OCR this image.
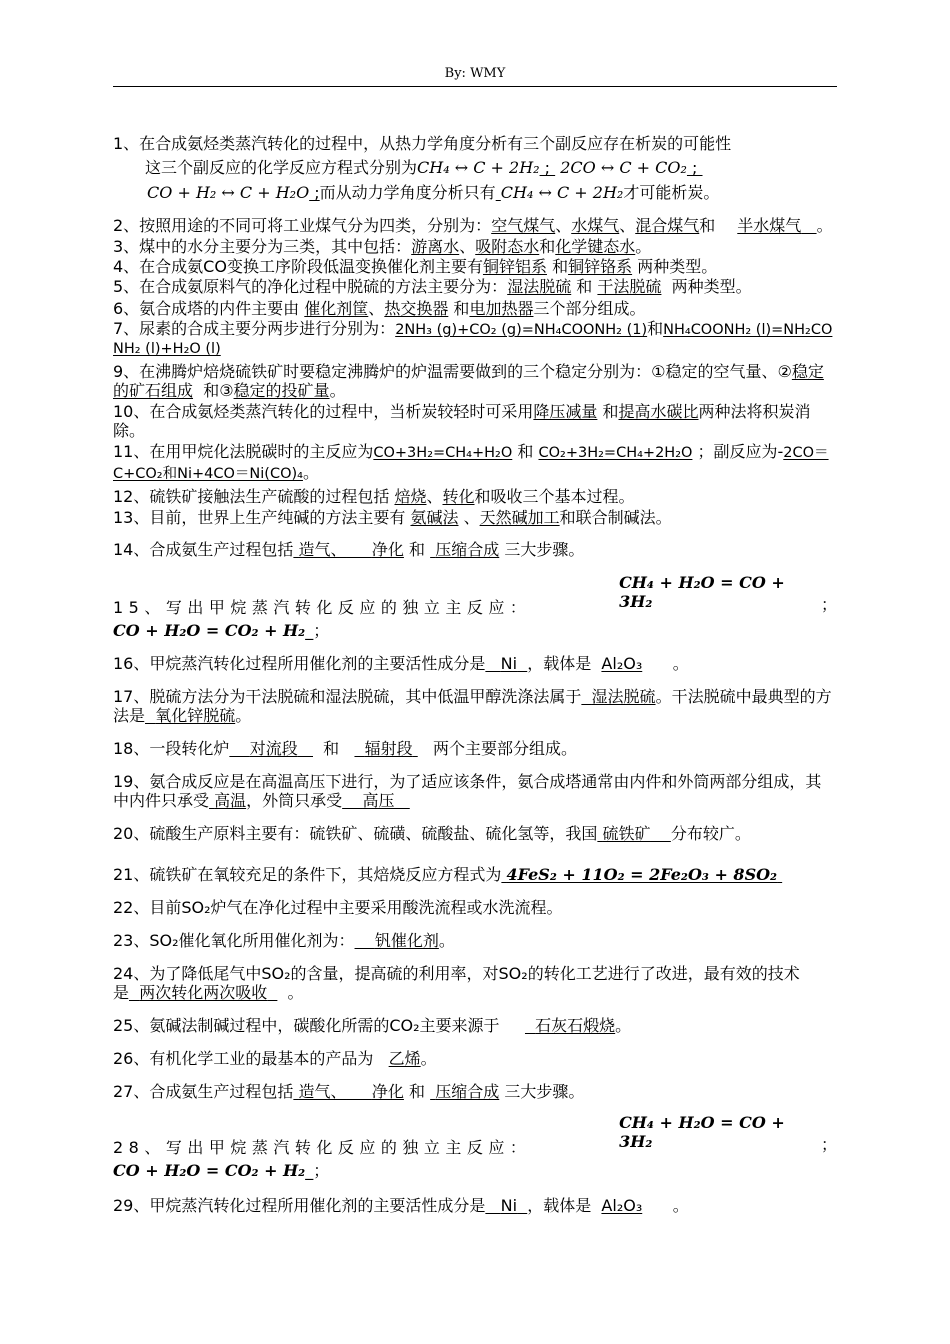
By: WMY

1、在合成氨烃类蒸汽转化的过程中，从热力学角度分析有三个副反应存在析炭的可能性

这三个副反应的化学反应方程式分别为CH₄ ↔ C + 2H₂ ;  2CO ↔ C + CO₂ ;

CO + H₂ ↔ C + H₂O ;而从动力学角度分析只有 CH₄ ↔ C + 2H₂才可能析炭。

2、按照用途的不同可将工业煤气分为四类，分别为：空气煤气、水煤气、混合煤气和 半水煤气 。

3、煤中的水分主要分为三类，其中包括：游离水、吸附态水和化学键态水。

4、在合成氨CO变换工序阶段低温变换催化剂主要有铜锌铝系 和铜锌铬系 两种类型。

5、在合成氨原料气的净化过程中脱硫的方法主要分为：湿法脱硫 和 干法脱硫 两种类型。

6、氨合成塔的内件主要由 催化剂筐、热交换器 和电加热器三个部分组成。

7、尿素的合成主要分两步进行分别为：2NH₃ (g)+CO₂ (g)=NH₄COONH₂ (1)和NH₄COONH₂ (l)=NH₂CONH₂ (l)+H₂O (l)

9、在沸腾炉焙烧硫铁矿时要稳定沸腾炉的炉温需要做到的三个稳定分别为：①稳定的空气量、②稳定的矿石组成 和③稳定的投矿量。

10、在合成氨烃类蒸汽转化的过程中，当析炭较轻时可采用降压减量 和提高水碳比两种法将积炭消除。

11、在用甲烷化法脱碳时的主反应为CO+3H₂=CH₄+H₂O 和 CO₂+3H₂=CH₄+2H₂O ；副反应为-2CO＝C+CO₂和Ni+4CO＝Ni(CO)₄。

12、硫铁矿接触法生产硫酸的过程包括 焙烧、转化和吸收三个基本过程。

13、目前，世界上生产纯碱的方法主要有 氨碱法 、天然碱加工和联合制碱法。

14、合成氨生产过程包括 造气、 净化 和 压缩合成 三大步骤。

15、写出甲烷蒸汽转化反应的独立主反应：

CH₄ + H₂O = CO + 3H₂	；

CO + H₂O = CO₂ + H₂_；

16、甲烷蒸汽转化过程所用催化剂的主要活性成分是 Ni ，载体是 Al₂O₃ 。

17、脱硫方法分为干法脱硫和湿法脱硫，其中低温甲醇洗涤法属于 湿法脱硫。干法脱硫中最典型的方法是 氧化锌脱硫。

18、一段转化炉 对流段 和 辐射段 两个主要部分组成。

19、氨合成反应是在高温高压下进行，为了适应该条件，氨合成塔通常由内件和外筒两部分组成，其中内件只承受 高温，外筒只承受 高压

20、硫酸生产原料主要有：硫铁矿、硫磺、硫酸盐、硫化氢等，我国 硫铁矿 分布较广。

21、硫铁矿在氧较充足的条件下，其焙烧反应方程式为 4FeS₂ + 11O₂ = 2Fe₂O₃ + 8SO₂

22、目前SO₂炉气在净化过程中主要采用酸洗流程或水洗流程。

23、SO₂催化氧化所用催化剂为： 钒催化剂。

24、为了降低尾气中SO₂的含量，提高硫的利用率，对SO₂的转化工艺进行了改进，最有效的技术是 两次转化两次吸收 。

25、氨碱法制碱过程中，碳酸化所需的CO₂主要来源于 石灰石煅烧。

26、有机化学工业的最基本的产品为 乙烯。

27、合成氨生产过程包括 造气、 净化 和 压缩合成 三大步骤。

28、写出甲烷蒸汽转化反应的独立主反应：

CH₄ + H₂O = CO + 3H₂	；

CO + H₂O = CO₂ + H₂_；

29、甲烷蒸汽转化过程所用催化剂的主要活性成分是 Ni ，载体是 Al₂O₃ 。
